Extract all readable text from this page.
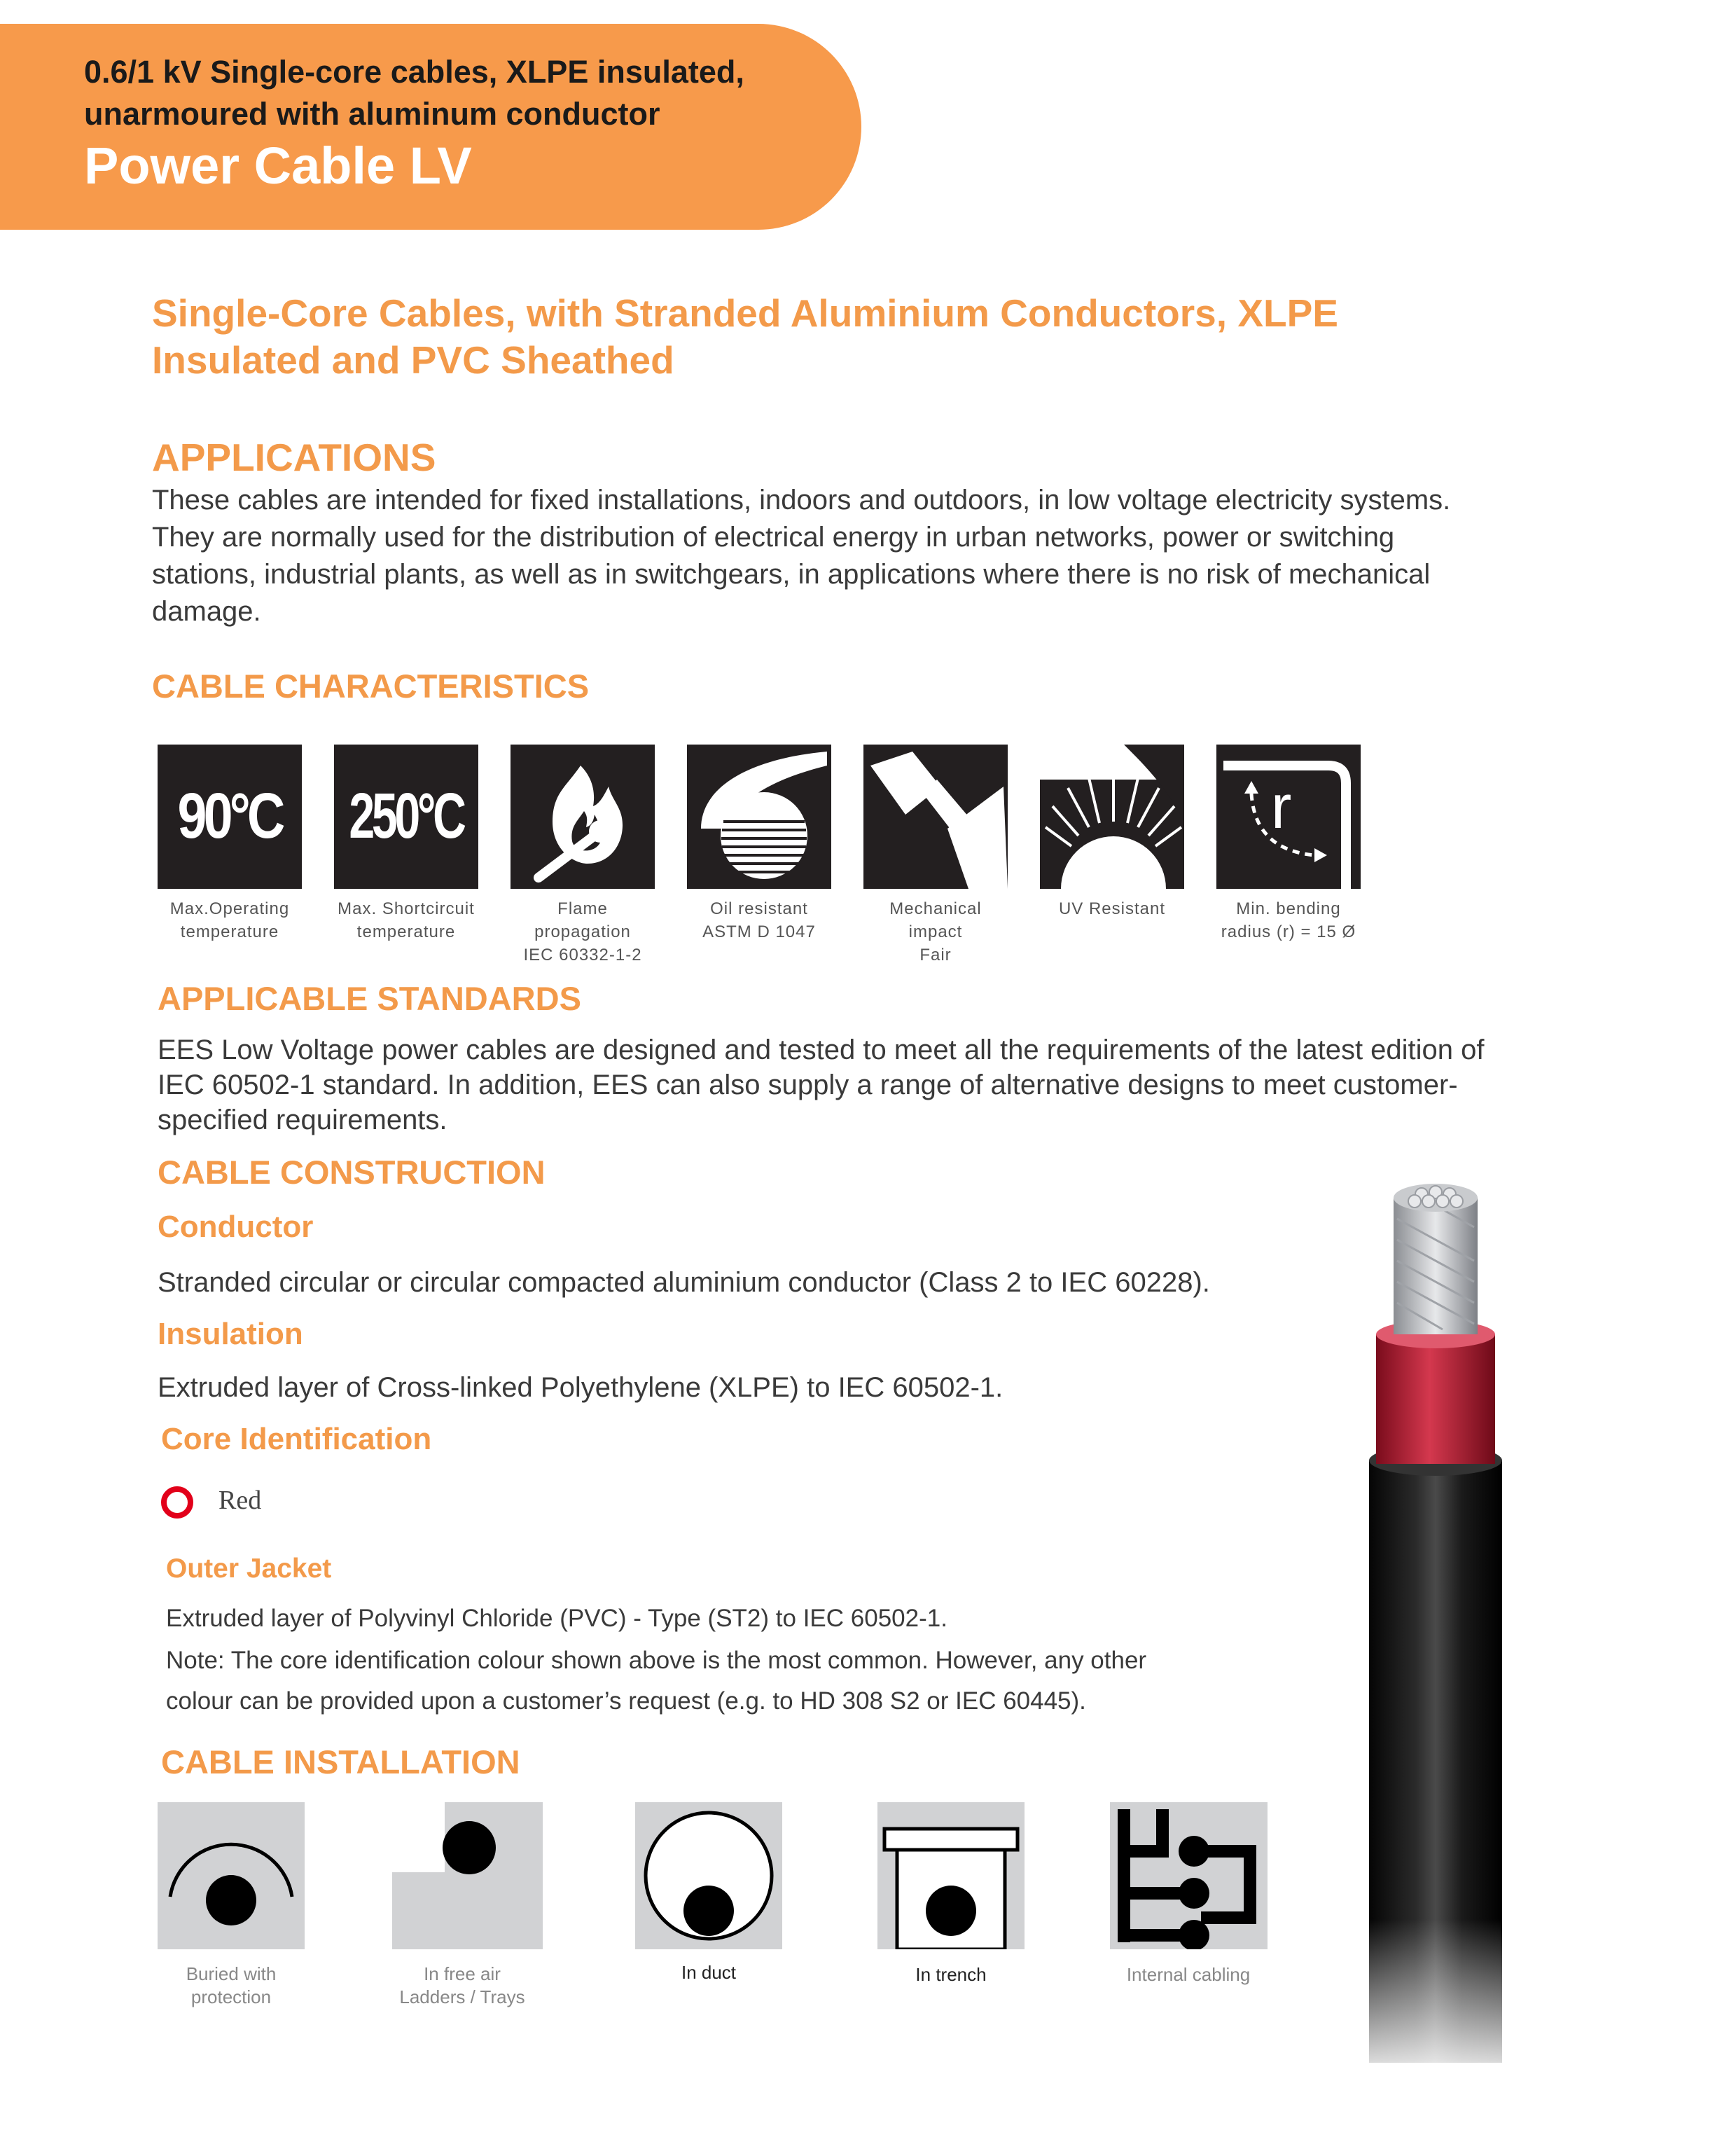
0.6/1 kV Single-core cables, XLPE insulated,
unarmoured with aluminum conductor
Power Cable LV
Single-Core Cables, with Stranded Aluminium Conductors, XLPE
Insulated and PVC Sheathed
APPLICATIONS
These cables are intended for fixed installations, indoors and outdoors, in low voltage electricity systems.
They are normally used for the distribution of electrical energy in urban networks, power or switching
stations, industrial plants, as well as in switchgears, in applications where there is no risk of mechanical
damage.
CABLE CHARACTERISTICS
90°C 250°C	r
Max.Operating
temperature
Max. Shortcircuit
temperature
Flame
propagation
IEC 60332-1-2
Oil resistant
ASTM D 1047
Mechanical
impact
Fair
UV Resistant	Min. bending
radius (r) = 15 Ø
APPLICABLE STANDARDS
EES Low Voltage power cables are designed and tested to meet all the requirements of the latest edition of
IEC 60502-1 standard. In addition, EES can also supply a range of alternative designs to meet customer-
specified requirements.
CABLE CONSTRUCTION
Conductor
Stranded circular or circular compacted aluminium conductor (Class 2 to IEC 60228).
Insulation
Extruded layer of Cross-linked Polyethylene (XLPE) to IEC 60502-1.
Core Identification
Red
Outer Jacket
Extruded layer of Polyvinyl Chloride (PVC) - Type (ST2) to IEC 60502-1.
Note: The core identification colour shown above is the most common. However, any other
colour can be provided upon a customer’s request (e.g. to HD 308 S2 or IEC 60445).
CABLE INSTALLATION
Buried with
protection
In free air
Ladders / Trays
In duct	In trench	Internal cabling
